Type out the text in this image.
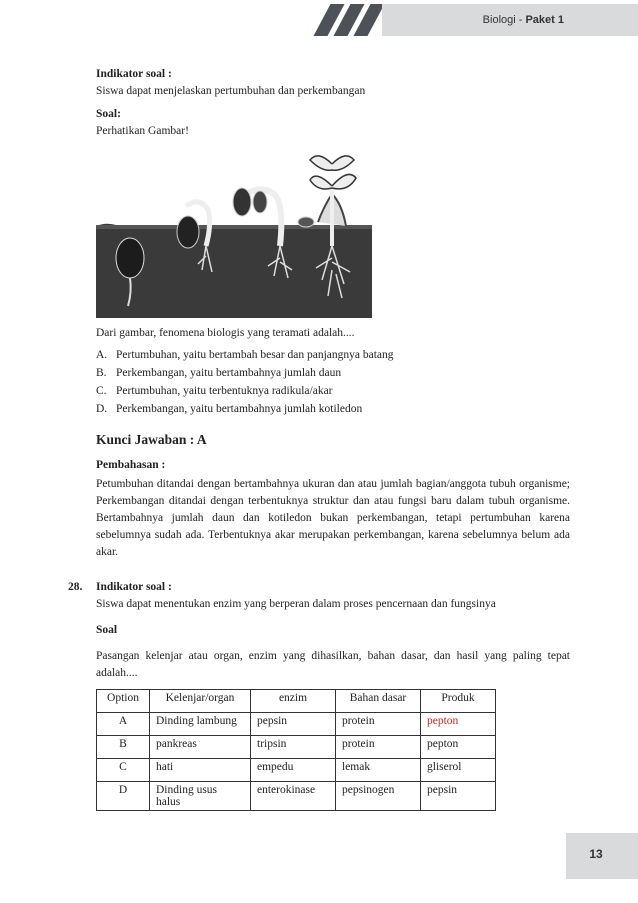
Biologi - Paket 1

Indikator soal :

Siswa dapat menjelaskan pertumbuhan dan perkembangan

Soal:

Perhatikan Gambar!

Dari gambar, fenomena biologis yang teramati adalah....
A. Pertumbuhan, yaitu bertambah besar dan panjangnya batang
B. Perkembangan, yaitu bertambahnya jumlah daun
C. Pertumbuhan, yaitu terbentuknya radikula/akar
D. Perkembangan, yaitu bertambahnya jumlah kotiledon
Kunci Jawaban : A
Pembahasan :
Petumbuhan ditandai dengan bertambahnya ukuran dan atau jumlah bagian/anggota tubuh organisme; Perkembangan ditandai dengan terbentuknya struktur dan atau fungsi baru dalam tubuh organisme. Bertambahnya jumlah daun dan kotiledon bukan perkembangan, tetapi pertumbuhan karena sebelumnya sudah ada. Terbentuknya akar merupakan perkembangan, karena sebelumnya belum ada akar.
28. Indikator soal :
Siswa dapat menentukan enzim yang berperan dalam proses pencernaan dan fungsinya
Soal
Pasangan kelenjar atau organ, enzim yang dihasilkan, bahan dasar, dan hasil yang paling tepat adalah....
Option	Kelenjar/organ	enzim	Bahan dasar	Produk
A	Dinding lambung	pepsin	protein	pepton
B	pankreas	tripsin	protein	pepton
C	hati	empedu	lemak	gliserol
D	Dinding usus halus	enterokinase	pepsinogen	pepsin
13
